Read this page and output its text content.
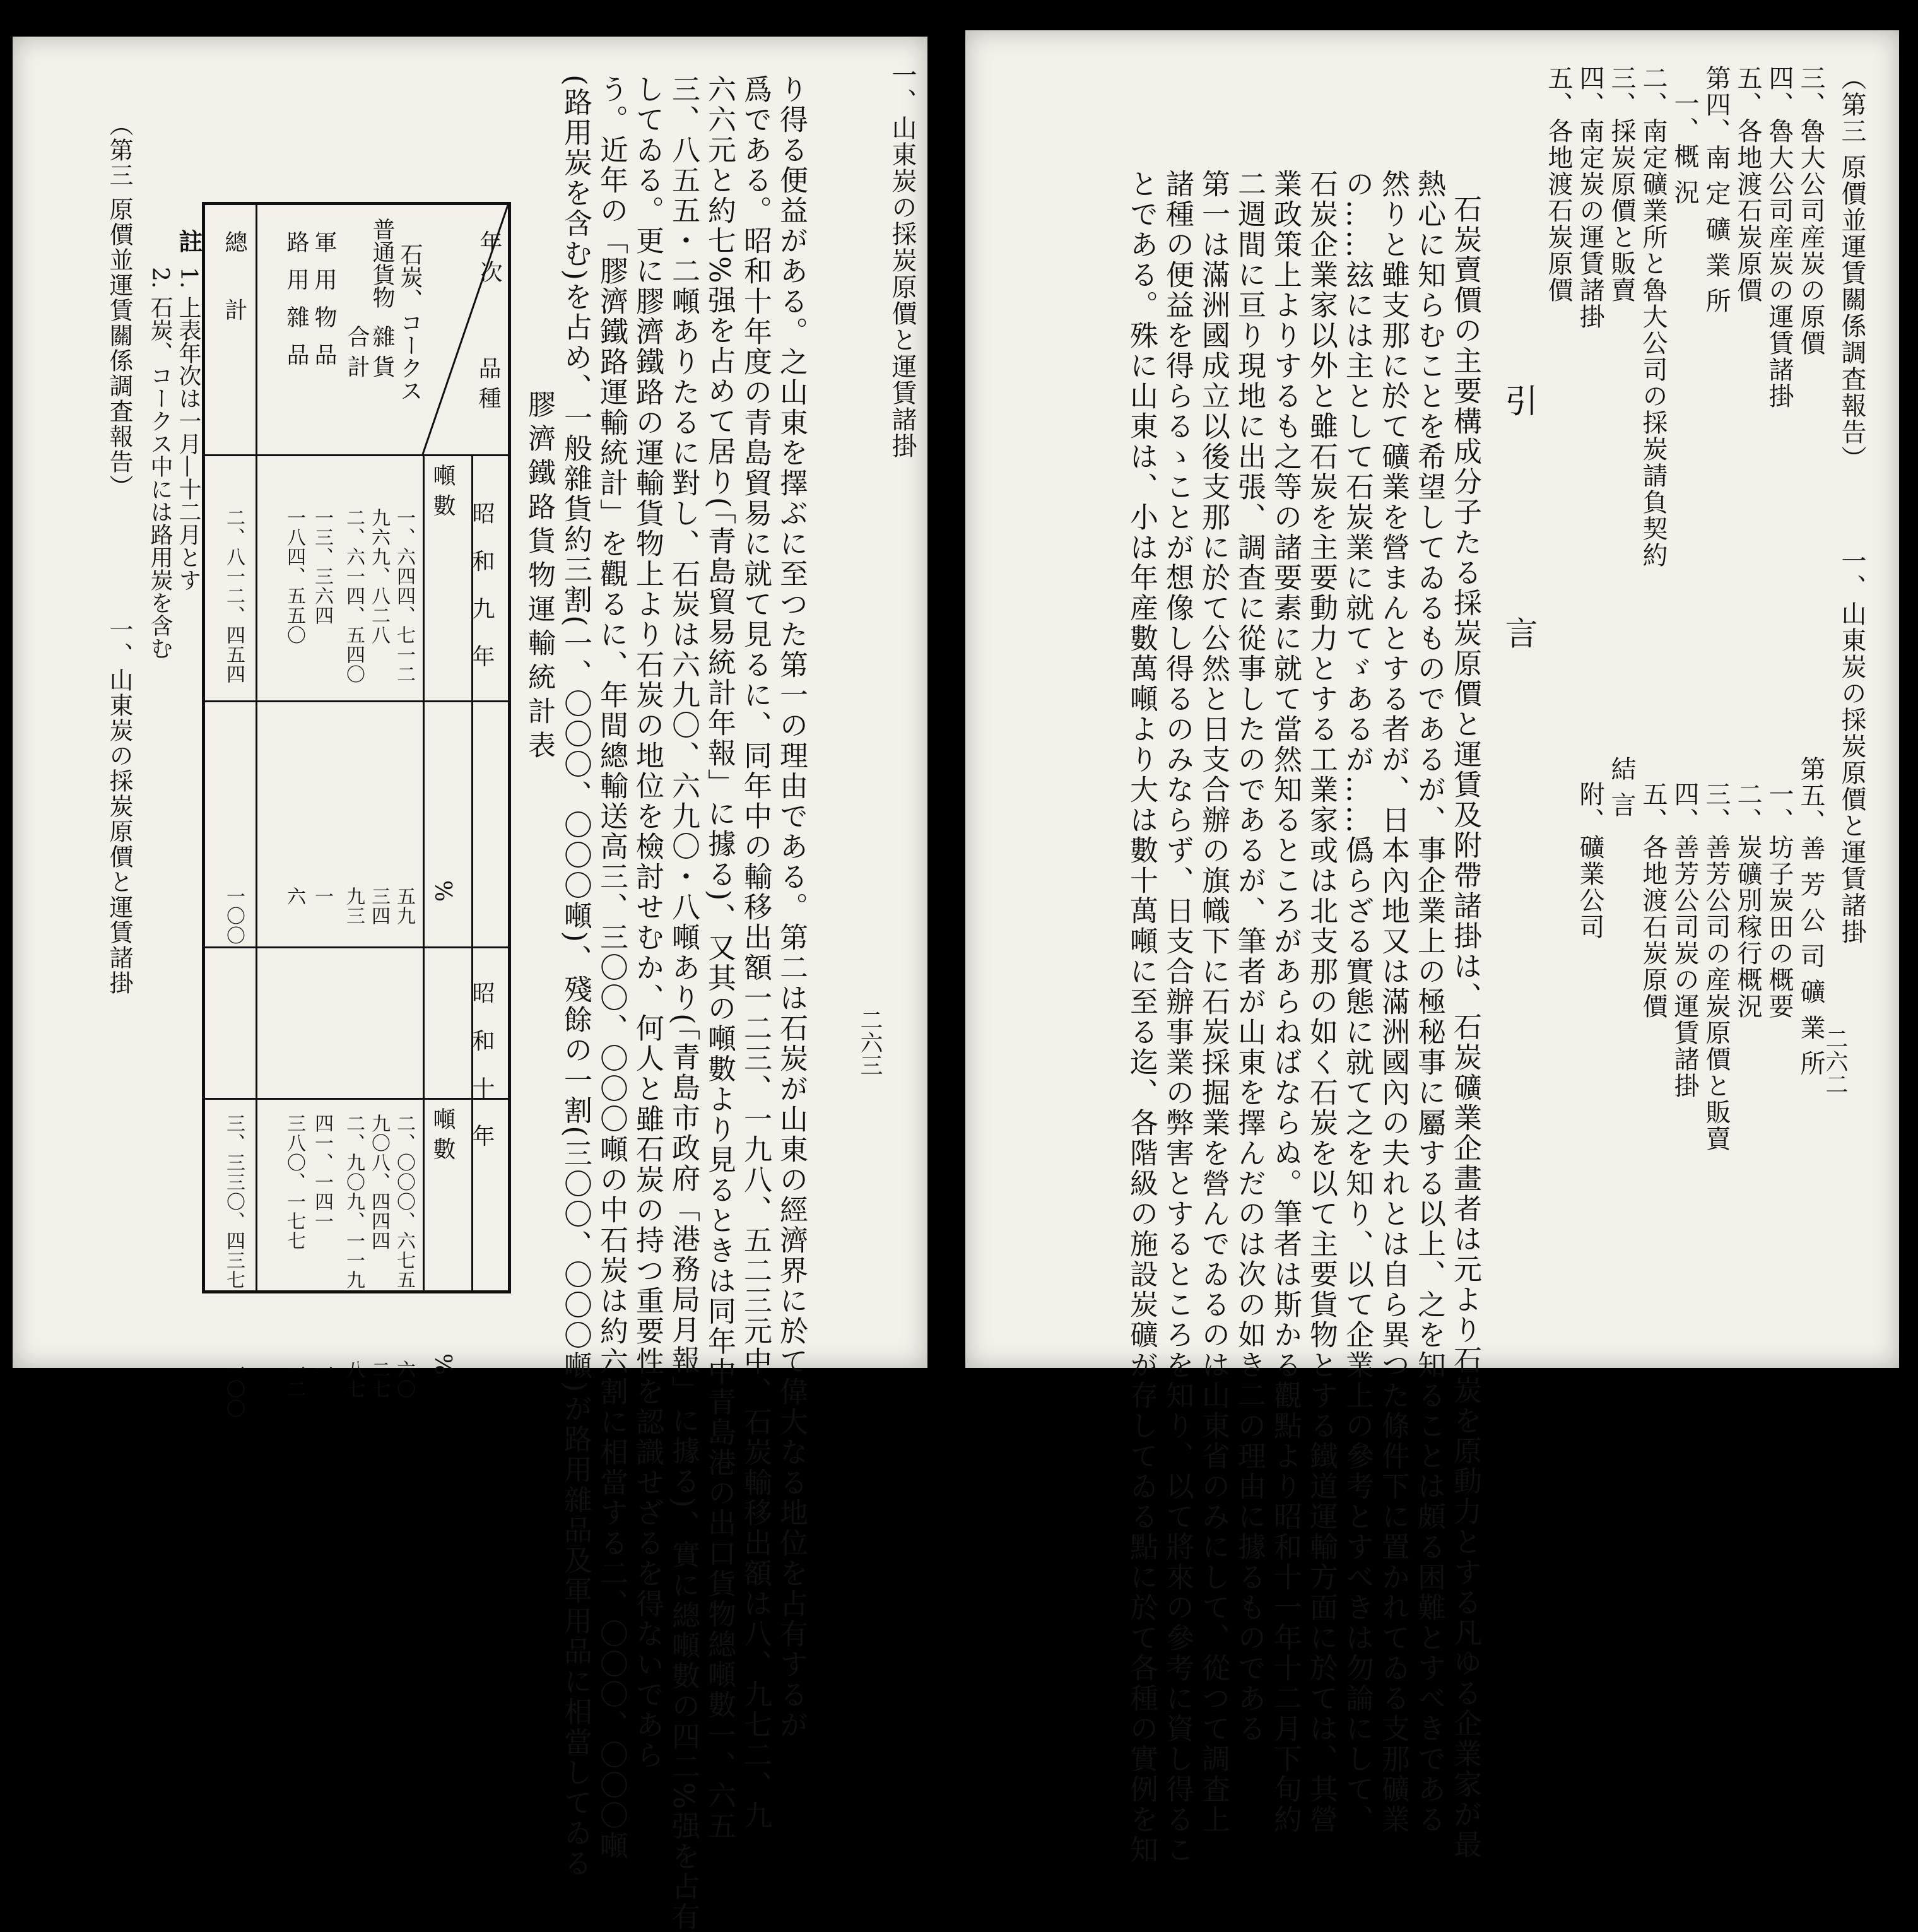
一、山東炭の採炭原價と運賃諸掛
二六三
り得る便益がある。之山東を擇ぶに至つた第一の理由である。第二は石炭が山東の經濟界に於て偉大なる地位を占有するが
爲である。昭和十年度の青島貿易に就て見るに、同年中の輸移出額一二三、一九八、五二三元中、石炭輸移出額は八、九七二、九
六六元と約七%强を占めて居り(「青島貿易統計年報」に據る)、又其の噸數より見るときは同年中青島港の出口貨物總噸數一、六五
三、八五五・二噸ありたるに對し、石炭は六九〇、六九〇・八噸あり(「青島市政府「港務局月報」に據る)、實に總噸數の四二%强を占有
してゐる。更に膠濟鐵路の運輸貨物上より石炭の地位を檢討せむか、何人と雖石炭の持つ重要性を認識せざるを得ないであら
う。近年の「膠濟鐵路運輸統計」を觀るに、年間總輸送高三、三〇〇、〇〇〇噸の中石炭は約六割に相當する二、〇〇〇、〇〇〇噸
(路用炭を含む)を占め、一般雜貨約三割(一、〇〇〇、〇〇〇噸)、殘餘の一割(三〇〇、〇〇〇噸)が路用雜品及軍用品に相當してゐる
膠濟鐵路貨物運輸統計表
年 次
品 種
昭 和 九 年
昭 和 十 年
噸 數
%
噸 數
%
石炭、コークス
普通貨物
雜 貨
合 計
軍 用 物 品
路 用 雜 品
總 計
一、六四四、七一二
九六九、八二八
二、六一四、五四〇
一三、三六四
一八四、五五〇
二、八一二、四五四
五九
三四
九三
一
六
一〇〇
二、〇〇〇、六七五
九〇八、四四四
二、九〇九、一一九
四一、一四一
三八〇、一七七
三、三三〇、四三七
六〇
二七
八七
一
一二
一〇〇
註
1. 上表年次は一月—十二月とす
2. 石炭、コークス中には路用炭を含む
（第三 原價並運賃關係調査報告）
一、山東炭の採炭原價と運賃諸掛
（第三 原價並運賃關係調査報告）
一、山東炭の採炭原價と運賃諸掛
二六二
三、魯大公司産炭の原價
四、魯大公司産炭の運賃諸掛
五、各地渡石炭原價
第四、南 定 礦 業 所
一、概 況
二、南定礦業所と魯大公司の採炭請負契約
三、採炭原價と販賣
四、南定炭の運賃諸掛
五、各地渡石炭原價
第五、善 芳 公 司 礦 業 所
一、坊子炭田の概要
二、炭礦別稼行概況
三、善芳公司の産炭原價と販賣
四、善芳公司炭の運賃諸掛
五、各地渡石炭原價
結 言
附、礦業公司
引 言
石炭賣價の主要構成分子たる採炭原價と運賃及附帶諸掛は、石炭礦業企畫者は元より石炭を原動力とする凡ゆる企業家が最
熱心に知らむことを希望してゐるものであるが、事企業上の極秘事に屬する以上、之を知ることは頗る困難とすべきである
然りと雖支那に於て礦業を營まんとする者が、日本內地又は滿洲國內の夫れとは自ら異つた條件下に置かれてゐる支那礦業
の……玆には主として石炭業に就てゞあるが……僞らざる實態に就て之を知り、以て企業上の參考とすべきは勿論にして、
石炭企業家以外と雖石炭を主要動力とする工業家或は北支那の如く石炭を以て主要貨物とする鐵道運輸方面に於ては、其營
業政策上よりするも之等の諸要素に就て當然知るところがあらねばならぬ。筆者は斯かる觀點より昭和十一年十二月下旬約
二週間に亘り現地に出張、調査に從事したのであるが、筆者が山東を擇んだのは次の如き二の理由に據るものである
第一は滿洲國成立以後支那に於て公然と日支合辦の旗幟下に石炭採掘業を營んでゐるのは山東省のみにして、從つて調査上
諸種の便益を得らるゝことが想像し得るのみならず、日支合辦事業の弊害とするところを知り、以て將來の參考に資し得るこ
とである。殊に山東は、小は年産數萬噸より大は數十萬噸に至る迄、各階級の施設炭礦が存してゐる點に於て各種の實例を知
